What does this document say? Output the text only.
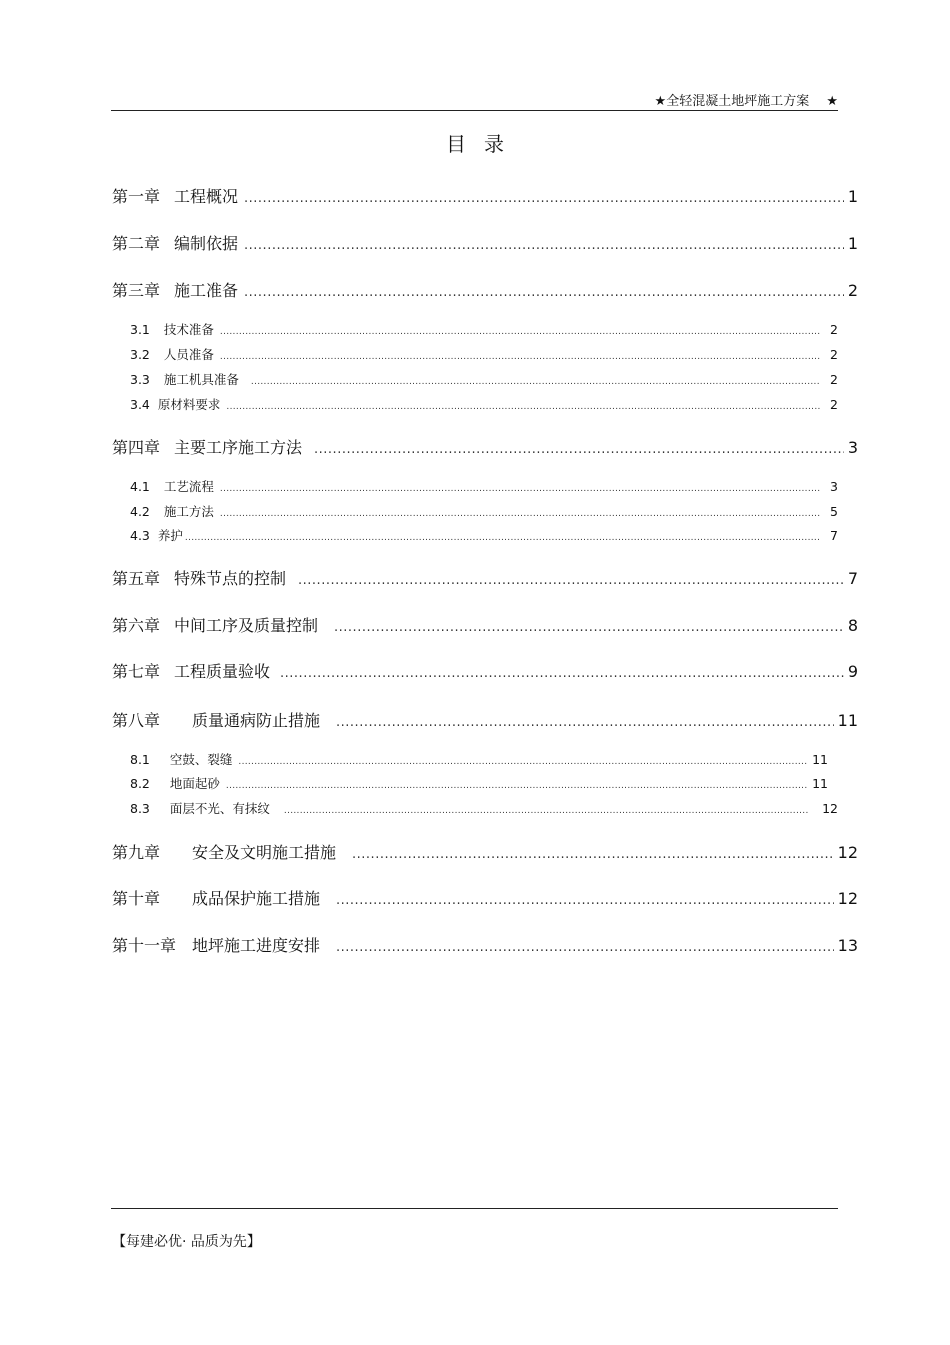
★全轻混凝土地坪施工方案 　★
目录
第一章 工程概况 .....	1
第二章 编制依据 .....	1
第三章 施工准备 .....	2
3.1 技术准备 .....	2
3.2 人员准备 .....	2
3.3 施工机具准备 .....	2
3.4 原材料要求 .....	2
第四章 主要工序施工方法 .....	3
4.1 工艺流程 .....	3
4.2 施工方法 .....	5
4.3 养护 .....	7
第五章 特殊节点的控制 .....	7
第六章 中间工序及质量控制 .....	8
第七章 工程质量验收 .....	9
第八章 质量通病防止措施 .....	11
8.1 空鼓、裂缝 .....	11
8.2 地面起砂 .....	11
8.3 面层不光、有抹纹 .....	12
第九章 安全及文明施工措施 .....	12
第十章 成品保护施工措施 .....	12
第十一章 地坪施工进度安排 .....	13
【每建必优· 品质为先】
